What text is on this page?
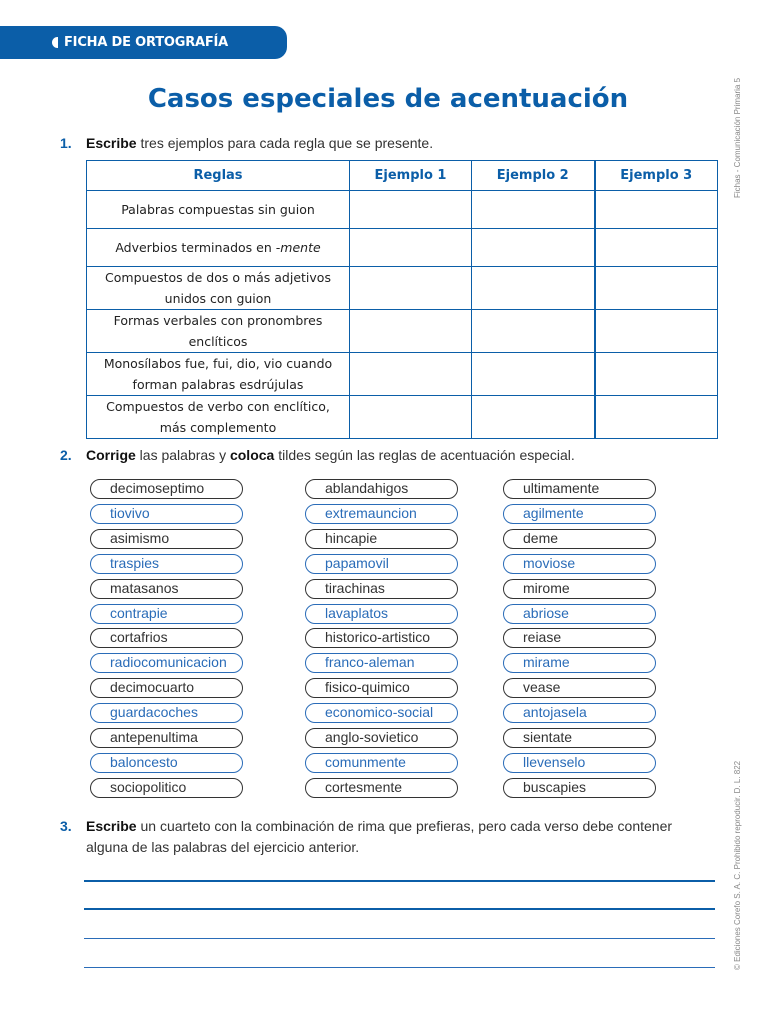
FICHA DE ORTOGRAFÍA
Casos especiales de acentuación	Fichas - Comunicación Primaria 5
© Ediciones Corefo S. A. C. Prohibido reproducir. D. L. 822
1. Escribe tres ejemplos para cada regla que se presente.
Reglas	Ejemplo 1	Ejemplo 2	Ejemplo 3
Palabras compuestas sin guion			
Adverbios terminados en -mente			
Compuestos de dos o más adjetivos
unidos con guion			
Formas verbales con pronombres
enclíticos			
Monosílabos fue, fui, dio, vio cuando
forman palabras esdrújulas			
Compuestos de verbo con enclítico,
más complemento			
2. Corrige las palabras y coloca tildes según las reglas de acentuación especial.
decimoseptimo
tiovivo
asimismo
traspies
matasanos
contrapie
cortafrios
radiocomunicacion
decimocuarto
guardacoches
antepenultima
baloncesto
sociopolitico
ablandahigos
extremauncion
hincapie
papamovil
tirachinas
lavaplatos
historico-artistico
franco-aleman
fisico-quimico
economico-social
anglo-sovietico
comunmente
cortesmente
ultimamente
agilmente
deme
moviose
mirome
abriose
reiase
mirame
vease
antojasela
sientate
llevenselo
buscapies
3. Escribe un cuarteto con la combinación de rima que prefieras, pero cada verso debe contener
alguna de las palabras del ejercicio anterior.
